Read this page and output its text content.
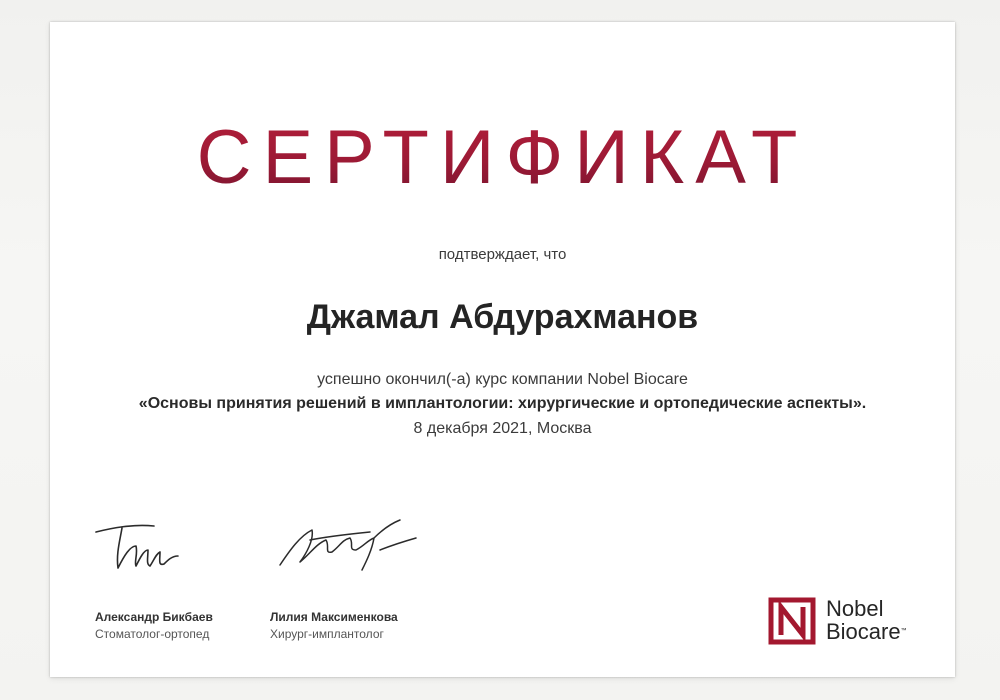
СЕРТИФИКАТ
подтверждает, что
Джамал Абдурахманов
успешно окончил(-а) курс компании Nobel Biocare
«Основы принятия решений в имплантологии: хирургические и ортопедические аспекты».
8 декабря 2021, Москва
Александр Бикбаев
Стоматолог-ортопед
Лилия Максименкова
Хирург-имплантолог
Nobel
Biocare™
